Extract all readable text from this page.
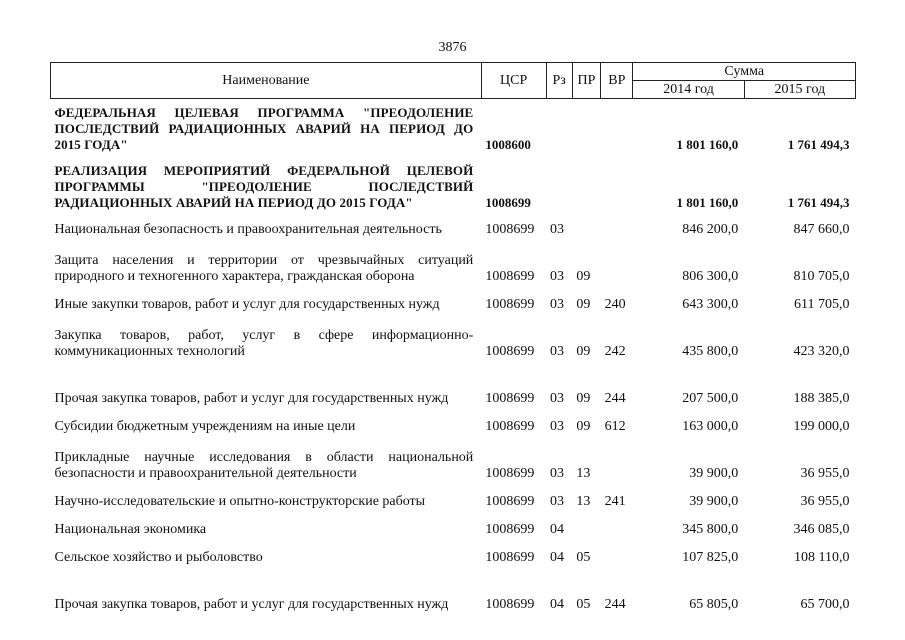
3876
Наименование	ЦСР	Рз	ПР	ВР	Сумма	
					2014 год	2015 год
ФЕДЕРАЛЬНАЯ ЦЕЛЕВАЯ ПРОГРАММА "ПРЕОДОЛЕНИЕ ПОСЛЕДСТВИЙ РАДИАЦИОННЫХ АВАРИЙ НА ПЕРИОД ДО 2015 ГОДА"	1008600				1 801 160,0	1 761 494,3
РЕАЛИЗАЦИЯ МЕРОПРИЯТИЙ ФЕДЕРАЛЬНОЙ ЦЕЛЕВОЙ ПРОГРАММЫ "ПРЕОДОЛЕНИЕ ПОСЛЕДСТВИЙ РАДИАЦИОННЫХ АВАРИЙ НА ПЕРИОД ДО 2015 ГОДА"	1008699				1 801 160,0	1 761 494,3
Национальная безопасность и правоохранительная деятельность	1008699	03			846 200,0	847 660,0
Защита населения и территории от чрезвычайных ситуаций природного и техногенного характера, гражданская оборона	1008699	03	09		806 300,0	810 705,0
Иные закупки товаров, работ и услуг для государственных нужд	1008699	03	09	240	643 300,0	611 705,0
Закупка товаров, работ, услуг в сфере информационно-коммуникационных технологий	1008699	03	09	242	435 800,0	423 320,0
Прочая закупка товаров, работ и услуг для государственных нужд	1008699	03	09	244	207 500,0	188 385,0
Субсидии бюджетным учреждениям на иные цели	1008699	03	09	612	163 000,0	199 000,0
Прикладные научные исследования в области национальной безопасности и правоохранительной деятельности	1008699	03	13		39 900,0	36 955,0
Научно-исследовательские и опытно-конструкторские работы	1008699	03	13	241	39 900,0	36 955,0
Национальная экономика	1008699	04			345 800,0	346 085,0
Сельское хозяйство и рыболовство	1008699	04	05		107 825,0	108 110,0
Прочая закупка товаров, работ и услуг для государственных нужд	1008699	04	05	244	65 805,0	65 700,0
